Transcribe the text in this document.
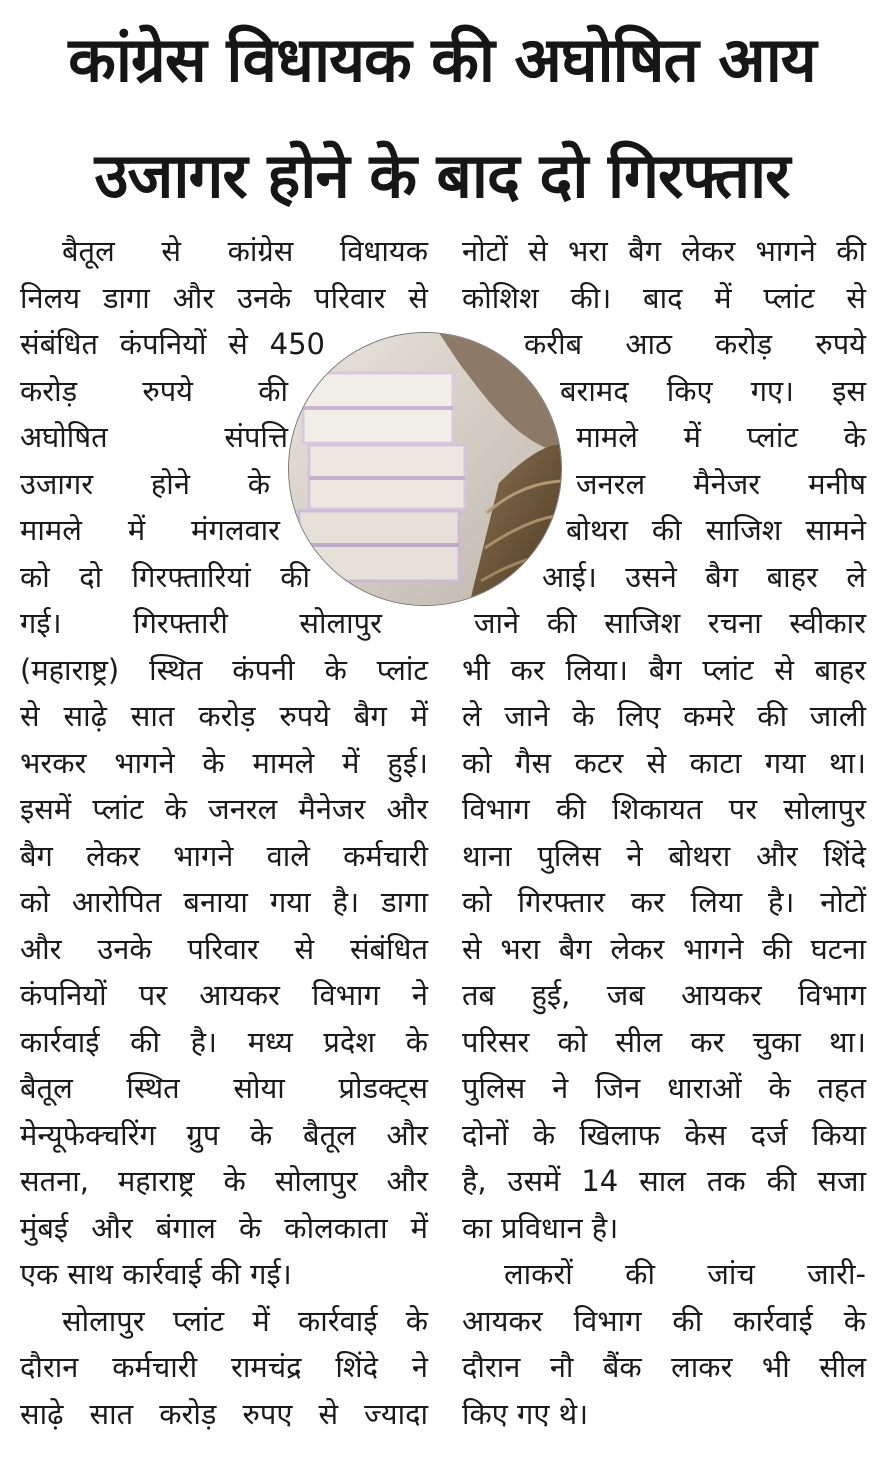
कांग्रेस विधायक की अघोषित आय
उजागर होने के बाद दो गिरफ्तार
बैतूल से कांग्रेस विधायक
निलय डागा और उनके परिवार से
संबंधित कंपनियों से 450
करोड़ रुपये की
अघोषित संपत्ति
उजागर होने के
मामले में मंगलवार
को दो गिरफ्तारियां की
गई। गिरफ्तारी सोलापुर
(महाराष्ट्र) स्थित कंपनी के प्लांट
से साढ़े सात करोड़ रुपये बैग में
भरकर भागने के मामले में हुई।
इसमें प्लांट के जनरल मैनेजर और
बैग लेकर भागने वाले कर्मचारी
को आरोपित बनाया गया है। डागा
और उनके परिवार से संबंधित
कंपनियों पर आयकर विभाग ने
कार्रवाई की है। मध्य प्रदेश के
बैतूल स्थित सोया प्रोडक्ट्स
मेन्यूफेक्चरिंग ग्रुप के बैतूल और
सतना, महाराष्ट्र के सोलापुर और
मुंबई और बंगाल के कोलकाता में
एक साथ कार्रवाई की गई।
सोलापुर प्लांट में कार्रवाई के
दौरान कर्मचारी रामचंद्र शिंदे ने
साढ़े सात करोड़ रुपए से ज्यादा
नोटों से भरा बैग लेकर भागने की
कोशिश की। बाद में प्लांट से
करीब आठ करोड़ रुपये
बरामद किए गए। इस
मामले में प्लांट के
जनरल मैनेजर मनीष
बोथरा की साजिश सामने
आई। उसने बैग बाहर ले
जाने की साजिश रचना स्वीकार
भी कर लिया। बैग प्लांट से बाहर
ले जाने के लिए कमरे की जाली
को गैस कटर से काटा गया था।
विभाग की शिकायत पर सोलापुर
थाना पुलिस ने बोथरा और शिंदे
को गिरफ्तार कर लिया है। नोटों
से भरा बैग लेकर भागने की घटना
तब हुई, जब आयकर विभाग
परिसर को सील कर चुका था।
पुलिस ने जिन धाराओं के तहत
दोनों के खिलाफ केस दर्ज किया
है, उसमें 14 साल तक की सजा
का प्रविधान है।
लाकरों की जांच जारी-
आयकर विभाग की कार्रवाई के
दौरान नौ बैंक लाकर भी सील
किए गए थे।
